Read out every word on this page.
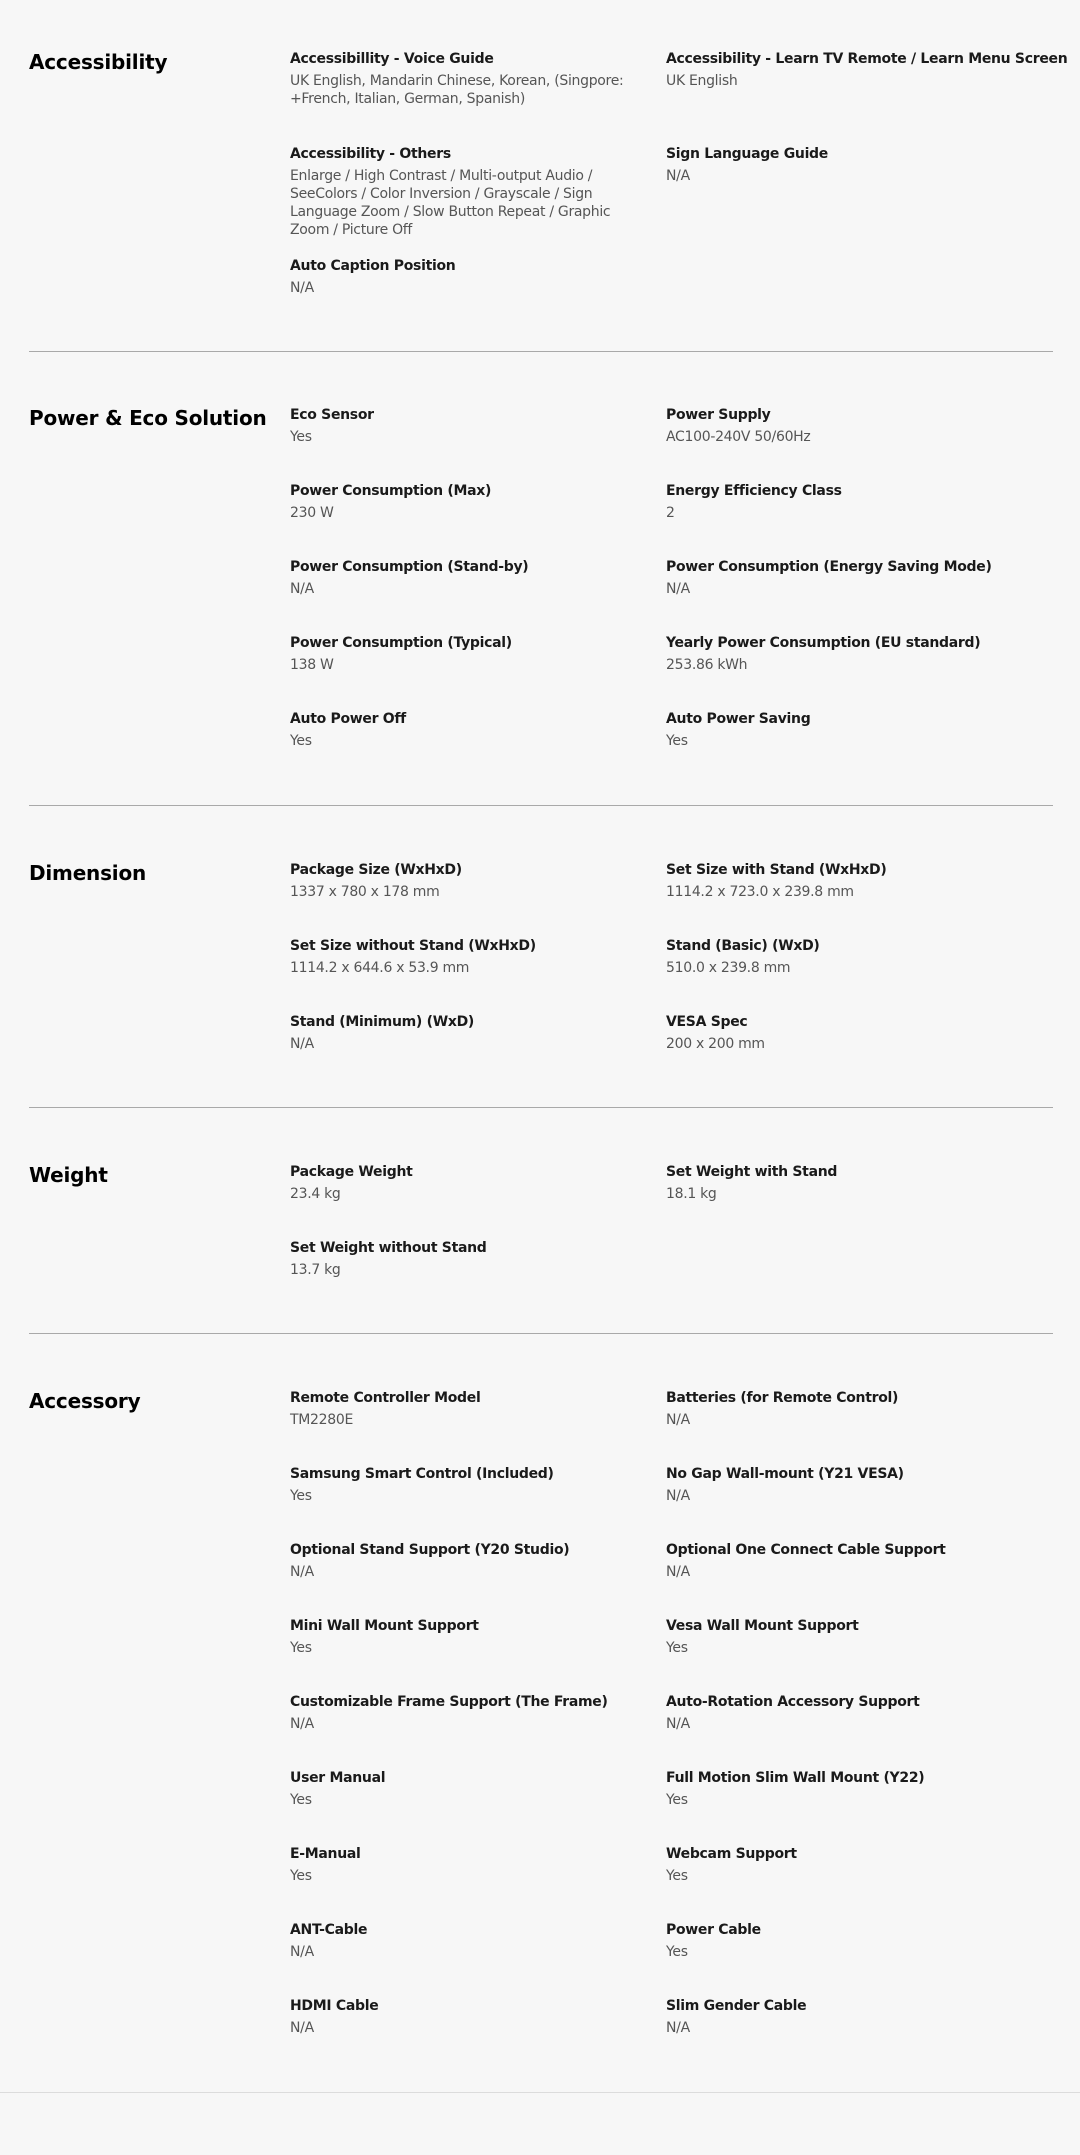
Accessibility	Accessibillity - Voice Guide
UK English, Mandarin Chinese, Korean, (Singpore: +French, Italian, German, Spanish)
Accessibility - Learn TV Remote / Learn Menu Screen
UK English
Accessibility - Others
Enlarge / High Contrast / Multi-output Audio / SeeColors / Color Inversion / Grayscale / Sign Language Zoom / Slow Button Repeat / Graphic Zoom / Picture Off
Sign Language Guide
N/A
Auto Caption Position
N/A
Power & Eco Solution Eco Sensor
Yes
Power Supply
AC100-240V 50/60Hz
Power Consumption (Max)
230 W
Energy Efficiency Class
2
Power Consumption (Stand-by)
N/A
Power Consumption (Energy Saving Mode)
N/A
Power Consumption (Typical)
138 W
Yearly Power Consumption (EU standard)
253.86 kWh
Auto Power Off
Yes
Auto Power Saving
Yes
Dimension	Package Size (WxHxD)
1337 x 780 x 178 mm
Set Size with Stand (WxHxD)
1114.2 x 723.0 x 239.8 mm
Set Size without Stand (WxHxD)
1114.2 x 644.6 x 53.9 mm
Stand (Basic) (WxD)
510.0 x 239.8 mm
Stand (Minimum) (WxD)
N/A
VESA Spec
200 x 200 mm
Weight	Package Weight
23.4 kg
Set Weight with Stand
18.1 kg
Set Weight without Stand
13.7 kg
Accessory	Remote Controller Model
TM2280E
Batteries (for Remote Control)
N/A
Samsung Smart Control (Included)
Yes
No Gap Wall-mount (Y21 VESA)
N/A
Optional Stand Support (Y20 Studio)
N/A
Optional One Connect Cable Support
N/A
Mini Wall Mount Support
Yes
Vesa Wall Mount Support
Yes
Customizable Frame Support (The Frame)
N/A
Auto-Rotation Accessory Support
N/A
User Manual
Yes
Full Motion Slim Wall Mount (Y22)
Yes
E-Manual
Yes
Webcam Support
Yes
ANT-Cable
N/A
Power Cable
Yes
HDMI Cable
N/A
Slim Gender Cable
N/A
